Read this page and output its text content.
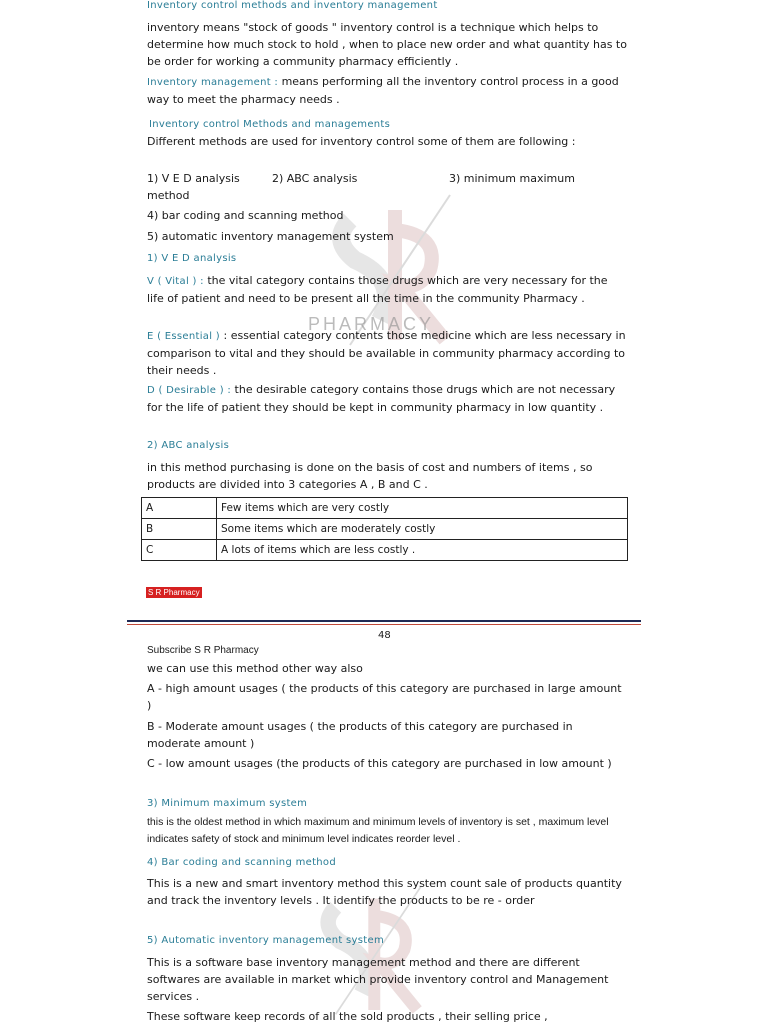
PHARMACY

Inventory control methods and inventory management

inventory means "stock of goods " inventory control is a technique which helps to determine how much stock to hold , when to place new order and what quantity has to be order for working a community pharmacy efficiently .

Inventory management : means performing all the inventory control process in a good way to meet the pharmacy needs .

Inventory control Methods and managements

Different methods are used for inventory control some of them are following :

1) V E D analysis	2) ABC analysis	3) minimum maximum

method

4) bar coding and scanning method

5) automatic inventory management system

1) V E D analysis

V ( Vital ) : the vital category contains those drugs which are very necessary for the life of patient and need to be present all the time in the community Pharmacy .

E ( Essential ) : essential category contents those medicine which are less necessary in comparison to vital and they should be available in community pharmacy according to their needs .

D ( Desirable ) : the desirable category contains those drugs which are not necessary for the life of patient they should be kept in community pharmacy in low quantity .

2) ABC analysis

in this method purchasing is done on the basis of cost and numbers of items , so products are divided into 3 categories A , B and C .

A	Few items which are very costly
B	Some items which are moderately costly
C	A lots of items which are less costly .
S R Pharmacy
48
Subscribe S R Pharmacy

we can use this method other way also

A - high amount usages ( the products of this category are purchased in large amount )

B - Moderate amount usages ( the products of this category are purchased in moderate amount )

C - low amount usages (the products of this category are purchased in low amount )

3) Minimum maximum system

this is the oldest method in which maximum and minimum levels of inventory is set , maximum level indicates safety of stock and minimum level indicates reorder level .

4) Bar coding and scanning method

This is a new and smart inventory method this system count sale of products quantity and track the inventory levels . It identify the products to be re - order

5) Automatic inventory management system

This is a software base inventory management method and there are different softwares are available in market which provide inventory control and Management services .

These software keep records of all the sold products , their selling price ,
